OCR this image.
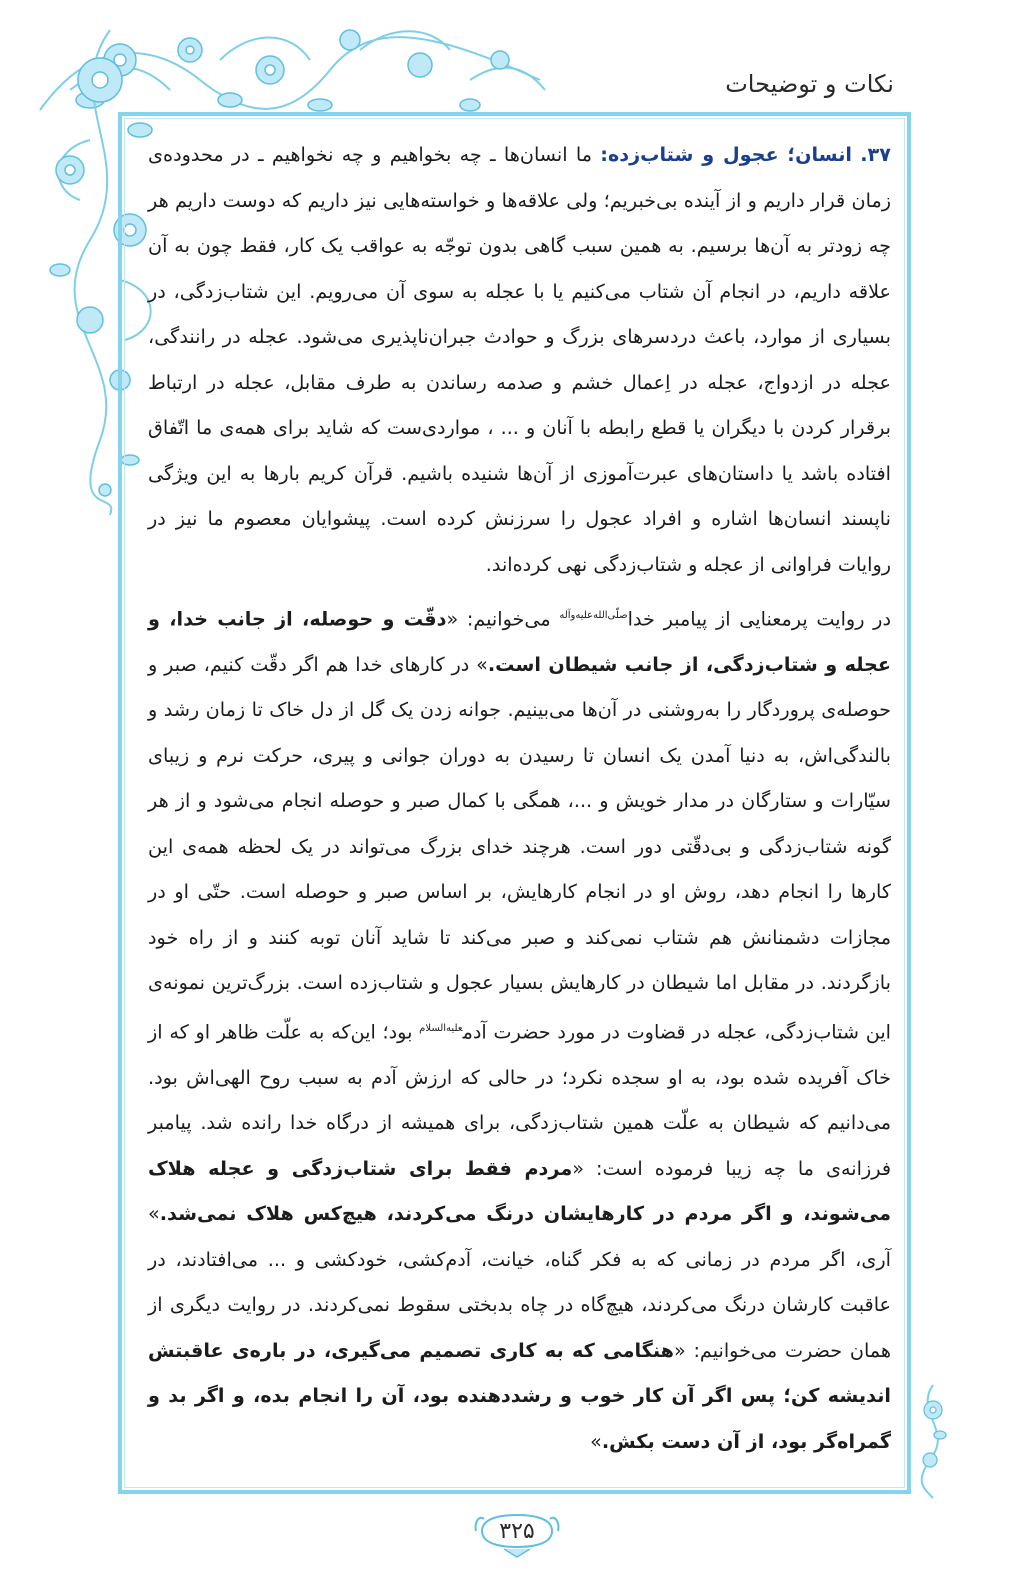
نکات و توضیحات

۳۷. انسان؛ عجول و شتاب‌زده: ما انسان‌ها ـ چه بخواهیم و چه نخواهیم ـ در محدوده‌ی زمان قرار داریم و از آینده بی‌خبریم؛ ولی علاقه‌ها و خواسته‌هایی نیز داریم که دوست داریم هر چه زودتر به آن‌ها برسیم. به همین سبب گاهی بدون توجّه به عواقب یک کار، فقط چون به آن علاقه داریم، در انجام آن شتاب می‌کنیم یا با عجله به سوی آن می‌رویم. این شتاب‌زدگی، در بسیاری از موارد، باعث دردسرهای بزرگ و حوادث جبران‌ناپذیری می‌شود. عجله در رانندگی، عجله در ازدواج، عجله در اِعمال خشم و صدمه رساندن به طرف مقابل، عجله در ارتباط برقرار کردن با دیگران یا قطع رابطه با آنان و ... ، مواردی‌ست که شاید برای همه‌ی ما اتّفاق افتاده باشد یا داستان‌های عبرت‌آموزی از آن‌ها شنیده باشیم. قرآن کریم بارها به این ویژگی ناپسند انسان‌ها اشاره و افراد عجول را سرزنش کرده است. پیشوایان معصوم ما نیز در روایات فراوانی از عجله و شتاب‌زدگی نهی کرده‌اند.

در روایت پرمعنایی از پیامبر خدا$^{صلّی‌الله‌علیه‌وآله}$ می‌خوانیم: «دقّت و حوصله، از جانب خدا، و عجله و شتاب‌زدگی، از جانب شیطان است.» در کارهای خدا هم اگر دقّت کنیم، صبر و حوصله‌ی پروردگار را به‌روشنی در آن‌ها می‌بینیم. جوانه زدن یک گل از دل خاک تا زمان رشد و بالندگی‌اش، به دنیا آمدن یک انسان تا رسیدن به دوران جوانی و پیری، حرکت نرم و زیبای سیّارات و ستارگان در مدار خویش و ...، همگی با کمال صبر و حوصله انجام می‌شود و از هر گونه شتاب‌زدگی و بی‌دقّتی دور است. هرچند خدای بزرگ می‌تواند در یک لحظه همه‌ی این کارها را انجام دهد، روش او در انجام کارهایش، بر اساس صبر و حوصله است. حتّی او در مجازات دشمنانش هم شتاب نمی‌کند و صبر می‌کند تا شاید آنان توبه کنند و از راه خود بازگردند. در مقابل اما شیطان در کارهایش بسیار عجول و شتاب‌زده است. بزرگ‌ترین نمونه‌ی این شتاب‌زدگی، عجله در قضاوت در مورد حضرت آدم$^{علیه‌السلام}$ بود؛ این‌که به علّت ظاهر او که از خاک آفریده شده بود، به او سجده نکرد؛ در حالی که ارزش آدم به سبب روح الهی‌اش بود. می‌دانیم که شیطان به علّت همین شتاب‌زدگی، برای همیشه از درگاه خدا رانده شد. پیامبر فرزانه‌ی ما چه زیبا فرموده است: «مردم فقط برای شتاب‌زدگی و عجله هلاک می‌شوند، و اگر مردم در کارهایشان درنگ می‌کردند، هیچ‌کس هلاک نمی‌شد.» آری، اگر مردم در زمانی که به فکر گناه، خیانت، آدم‌کشی، خودکشی و ... می‌افتادند، در عاقبت کارشان درنگ می‌کردند، هیچ‌گاه در چاه بدبختی سقوط نمی‌کردند. در روایت دیگری از همان حضرت می‌خوانیم: «هنگامی که به کاری تصمیم می‌گیری، در باره‌ی عاقبتش اندیشه کن؛ پس اگر آن کار خوب و رشددهنده بود، آن را انجام بده، و اگر بد و گمراه‌گر بود، از آن دست بکش.»

۳۲۵
